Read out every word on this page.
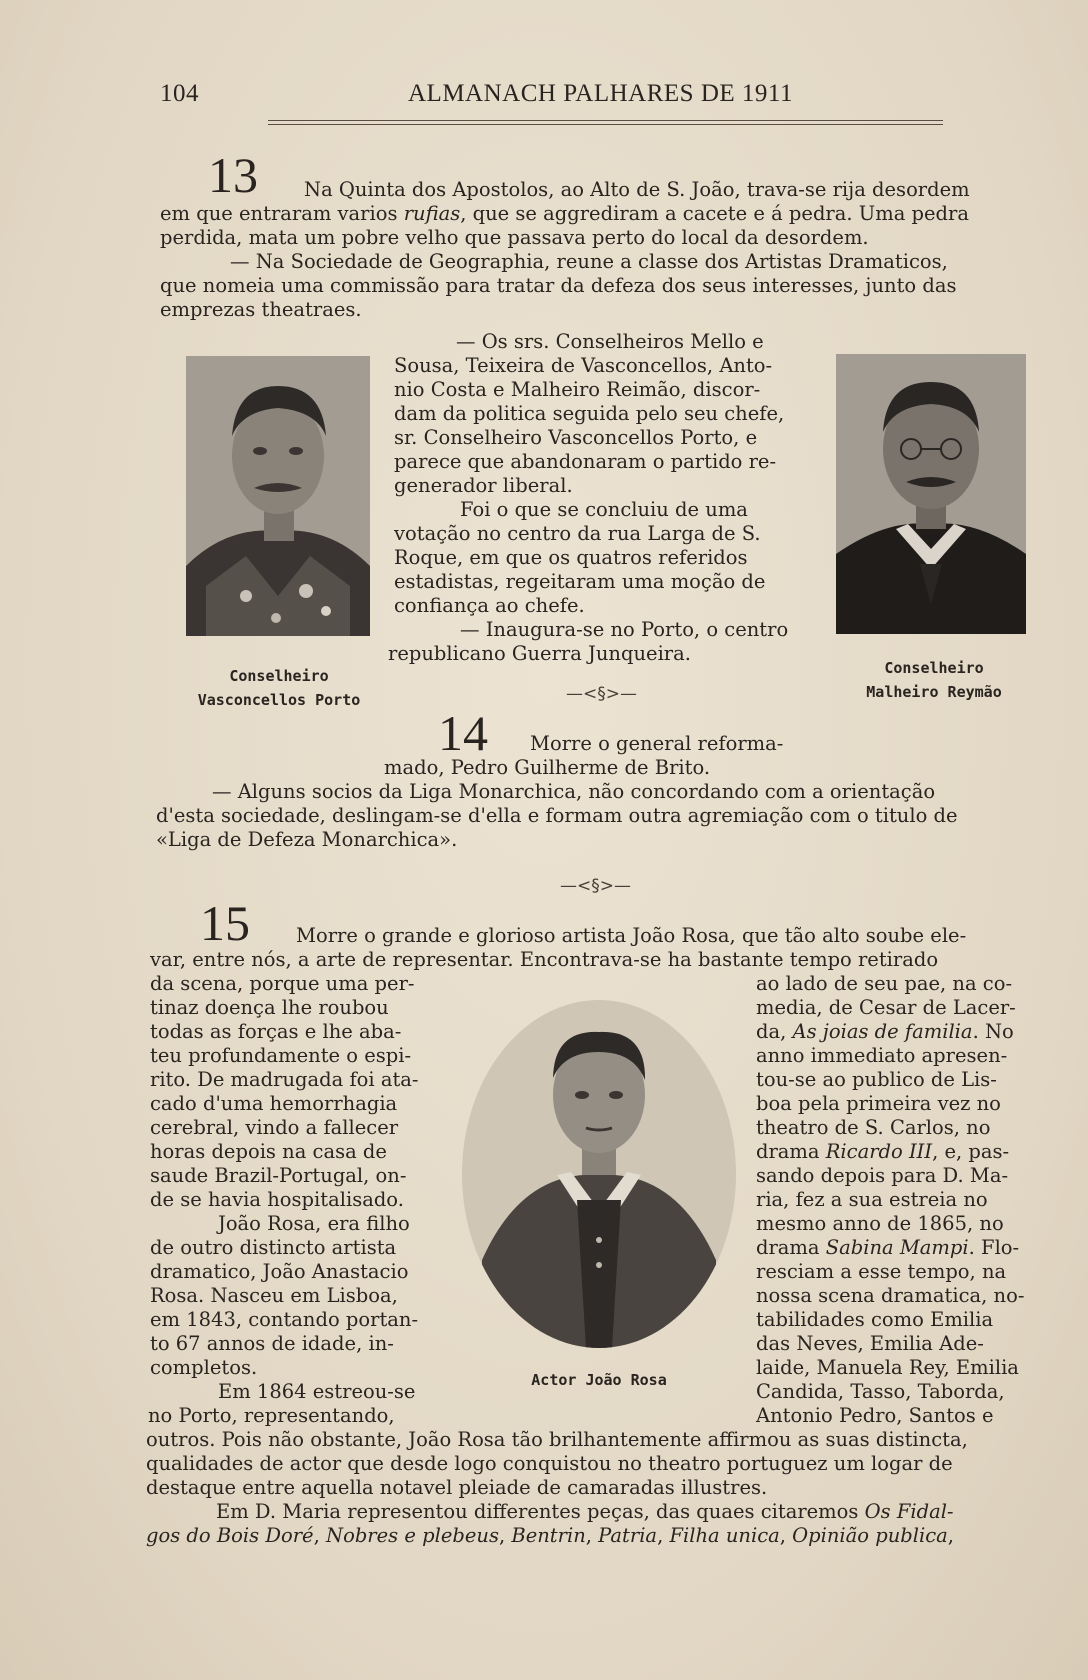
104	ALMANACH PALHARES DE 1911
13 Na Quinta dos Apostolos, ao Alto de S. João, trava-se rija desordem
em que entraram varios rufias, que se aggrediram a cacete e á pedra. Uma pedra
perdida, mata um pobre velho que passava perto do local da desordem.
— Na Sociedade de Geographia, reune a classe dos Artistas Dramaticos,
que nomeia uma commissão para tratar da defeza dos seus interesses, junto das
emprezas theatraes.
— Os srs. Conselheiros Mello e
Sousa, Teixeira de Vasconcellos, Anto-
nio Costa e Malheiro Reimão, discor-
dam da politica seguida pelo seu chefe,
sr. Conselheiro Vasconcellos Porto, e
parece que abandonaram o partido re-
generador liberal.
Foi o que se concluiu de uma
votação no centro da rua Larga de S.
Roque, em que os quatros referidos
estadistas, regeitaram uma moção de
confiança ao chefe.
— Inaugura-se no Porto, o centro
republicano Guerra Junqueira.
Conselheiro
Vasconcellos Porto
Conselheiro
Malheiro Reymão
—<§>—
14 Morre o general reforma-
mado, Pedro Guilherme de Brito.
— Alguns socios da Liga Monarchica, não concordando com a orientação
d'esta sociedade, deslingam-se d'ella e formam outra agremiação com o titulo de
«Liga de Defeza Monarchica».
—<§>—
15 Morre o grande e glorioso artista João Rosa, que tão alto soube ele-
var, entre nós, a arte de representar. Encontrava-se ha bastante tempo retirado
da scena, porque uma per-
tinaz doença lhe roubou
todas as forças e lhe aba-
teu profundamente o espi-
rito. De madrugada foi ata-
cado d'uma hemorrhagia
cerebral, vindo a fallecer
horas depois na casa de
saude Brazil-Portugal, on-
de se havia hospitalisado.
João Rosa, era filho
de outro distincto artista
dramatico, João Anastacio
Rosa. Nasceu em Lisboa,
em 1843, contando portan-
to 67 annos de idade, in-
completos.
Em 1864 estreou-se
no Porto, representando,
Actor João Rosa
ao lado de seu pae, na co-
media, de Cesar de Lacer-
da, As joias de familia. No
anno immediato apresen-
tou-se ao publico de Lis-
boa pela primeira vez no
theatro de S. Carlos, no
drama Ricardo III, e, pas-
sando depois para D. Ma-
ria, fez a sua estreia no
mesmo anno de 1865, no
drama Sabina Mampi. Flo-
resciam a esse tempo, na
nossa scena dramatica, no-
tabilidades como Emilia
das Neves, Emilia Ade-
laide, Manuela Rey, Emilia
Candida, Tasso, Taborda,
Antonio Pedro, Santos e
outros. Pois não obstante, João Rosa tão brilhantemente affirmou as suas distincta,
qualidades de actor que desde logo conquistou no theatro portuguez um logar de
destaque entre aquella notavel pleiade de camaradas illustres.
Em D. Maria representou differentes peças, das quaes citaremos Os Fidal-
gos do Bois Doré, Nobres e plebeus, Bentrin, Patria, Filha unica, Opinião publica,
